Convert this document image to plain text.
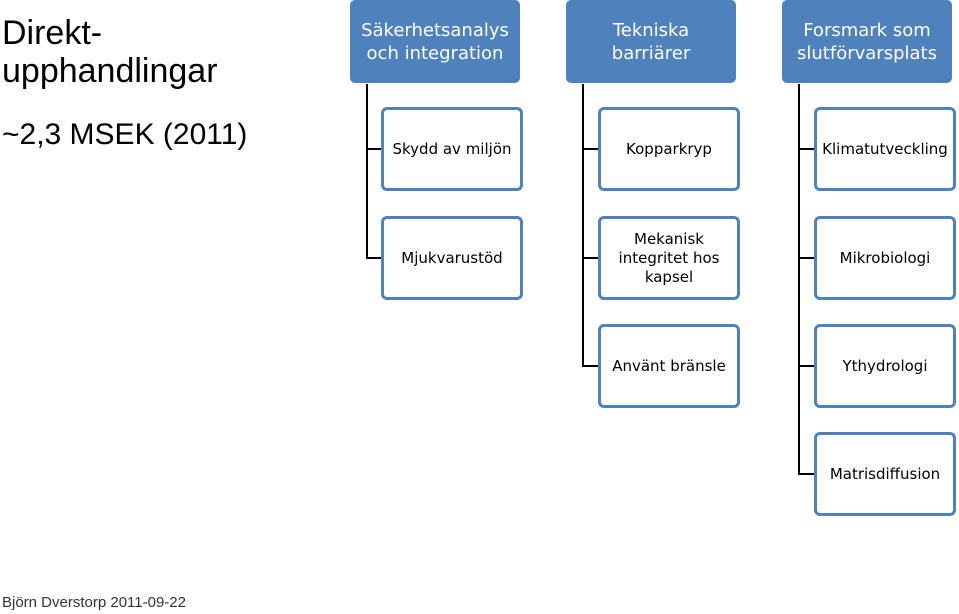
Direkt-
upphandlingar
~2,3 MSEK (2011)
Säkerhetsanalys
och integration
Skydd av miljön
Mjukvarustöd
Tekniska
barriärer
Kopparkryp
Mekanisk
integritet hos
kapsel
Använt bränsle
Forsmark som
slutförvarsplats
Klimatutveckling
Mikrobiologi
Ythydrologi
Matrisdiffusion
Björn Dverstorp 2011-09-22
